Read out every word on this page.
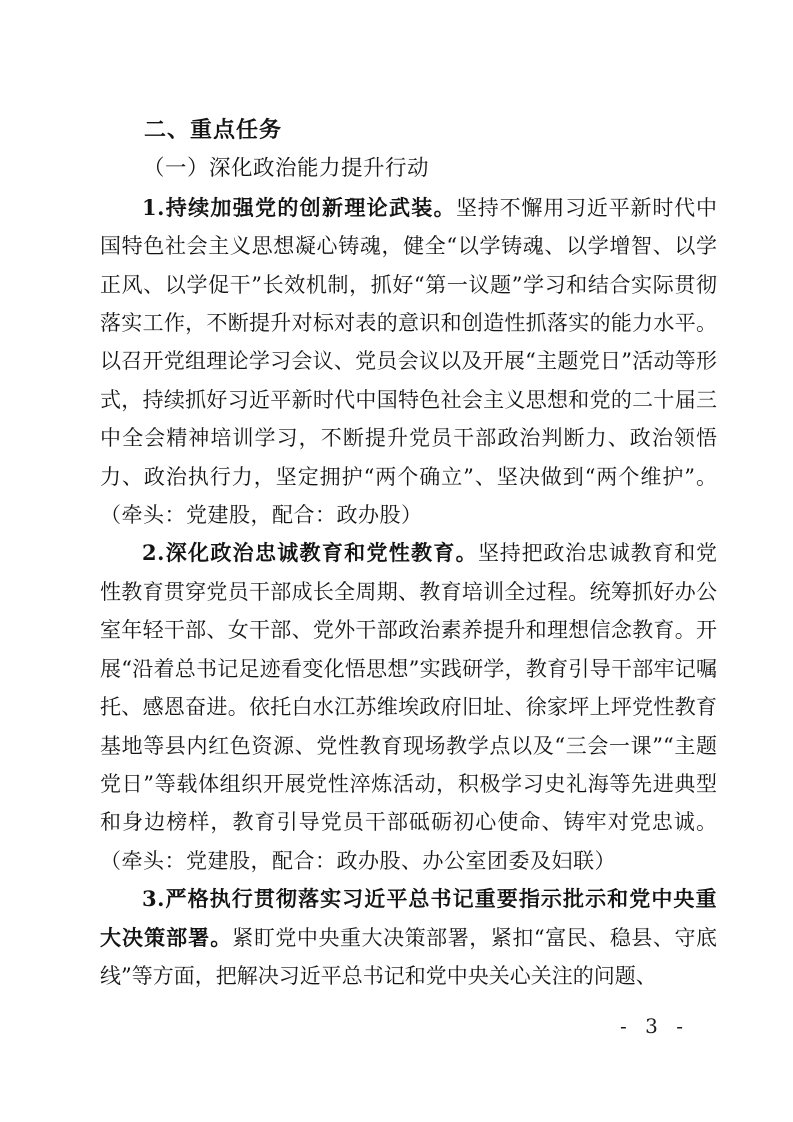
二、重点任务
（一）深化政治能力提升行动

1.持续加强党的创新理论武装。坚持不懈用习近平新时代中国特色社会主义思想凝心铸魂，健全“以学铸魂、以学增智、以学正风、以学促干”长效机制，抓好“第一议题”学习和结合实际贯彻落实工作，不断提升对标对表的意识和创造性抓落实的能力水平。以召开党组理论学习会议、党员会议以及开展“主题党日”活动等形式，持续抓好习近平新时代中国特色社会主义思想和党的二十届三中全会精神培训学习，不断提升党员干部政治判断力、政治领悟力、政治执行力，坚定拥护“两个确立”、坚决做到“两个维护”。（牵头：党建股，配合：政办股）

2.深化政治忠诚教育和党性教育。坚持把政治忠诚教育和党性教育贯穿党员干部成长全周期、教育培训全过程。统筹抓好办公室年轻干部、女干部、党外干部政治素养提升和理想信念教育。开展“沿着总书记足迹看变化悟思想”实践研学，教育引导干部牢记嘱托、感恩奋进。依托白水江苏维埃政府旧址、徐家坪上坪党性教育基地等县内红色资源、党性教育现场教学点以及“三会一课”“主题党日”等载体组织开展党性淬炼活动，积极学习史礼海等先进典型和身边榜样，教育引导党员干部砥砺初心使命、铸牢对党忠诚。（牵头：党建股，配合：政办股、办公室团委及妇联）

3.严格执行贯彻落实习近平总书记重要指示批示和党中央重大决策部署。紧盯党中央重大决策部署，紧扣“富民、稳县、守底线”等方面，把解决习近平总书记和党中央关心关注的问题、

- 3 -
